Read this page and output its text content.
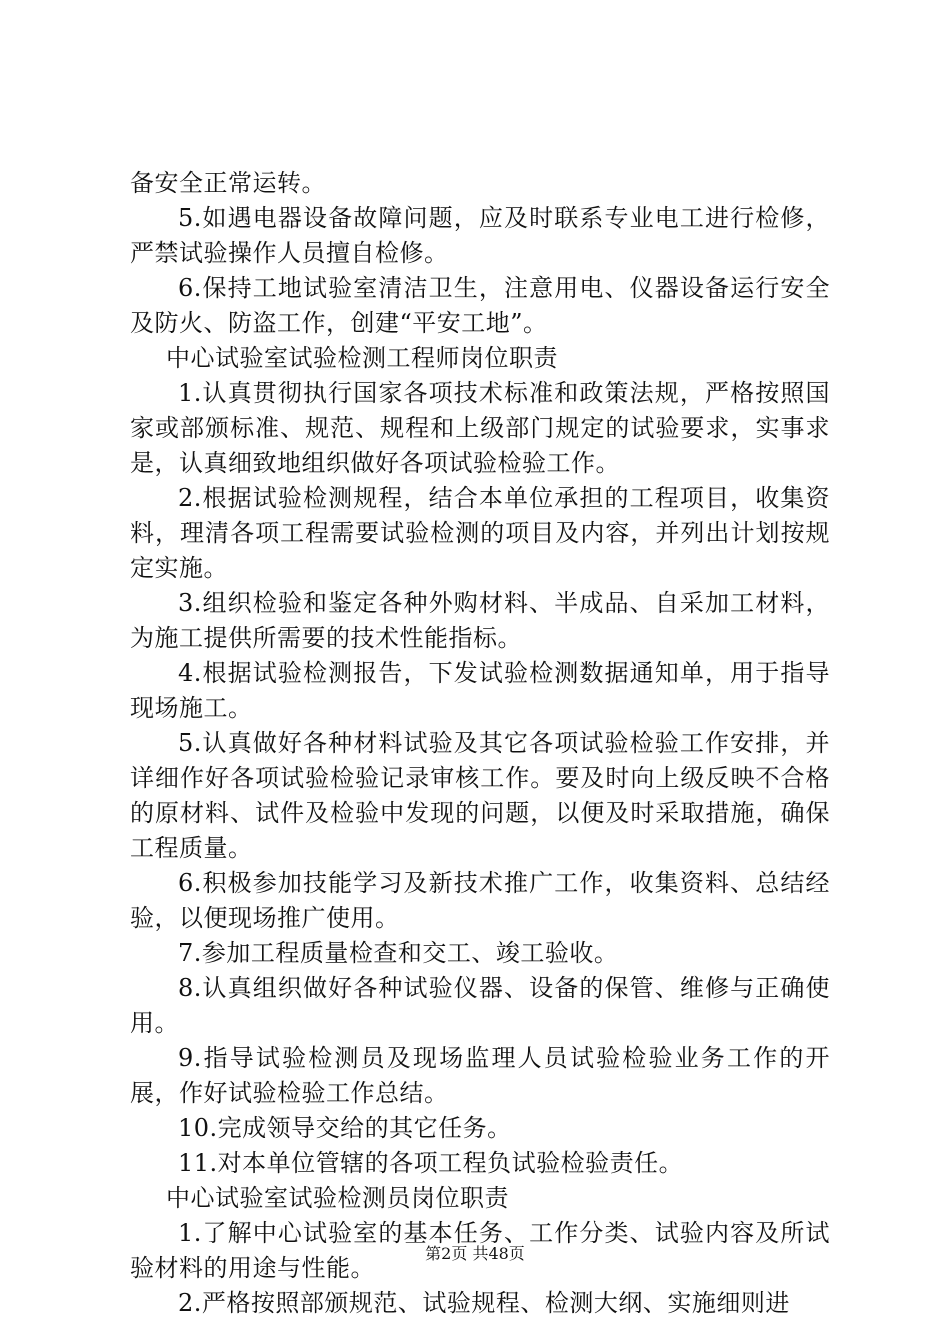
备安全正常运转。

5.如遇电器设备故障问题，应及时联系专业电工进行检修，严禁试验操作人员擅自检修。

6.保持工地试验室清洁卫生，注意用电、仪器设备运行安全及防火、防盗工作，创建“平安工地”。

中心试验室试验检测工程师岗位职责

1.认真贯彻执行国家各项技术标准和政策法规，严格按照国家或部颁标准、规范、规程和上级部门规定的试验要求，实事求是，认真细致地组织做好各项试验检验工作。

2.根据试验检测规程，结合本单位承担的工程项目，收集资料，理清各项工程需要试验检测的项目及内容，并列出计划按规定实施。

3.组织检验和鉴定各种外购材料、半成品、自采加工材料，为施工提供所需要的技术性能指标。

4.根据试验检测报告，下发试验检测数据通知单，用于指导现场施工。

5.认真做好各种材料试验及其它各项试验检验工作安排，并详细作好各项试验检验记录审核工作。要及时向上级反映不合格的原材料、试件及检验中发现的问题，以便及时采取措施，确保工程质量。

6.积极参加技能学习及新技术推广工作，收集资料、总结经验，以便现场推广使用。

7.参加工程质量检查和交工、竣工验收。

8.认真组织做好各种试验仪器、设备的保管、维修与正确使用。

9.指导试验检测员及现场监理人员试验检验业务工作的开展，作好试验检验工作总结。

10.完成领导交给的其它任务。

11.对本单位管辖的各项工程负试验检验责任。

中心试验室试验检测员岗位职责

1.了解中心试验室的基本任务、工作分类、试验内容及所试验材料的用途与性能。

2.严格按照部颁规范、试验规程、检测大纲、实施细则进

第2页 共48页
